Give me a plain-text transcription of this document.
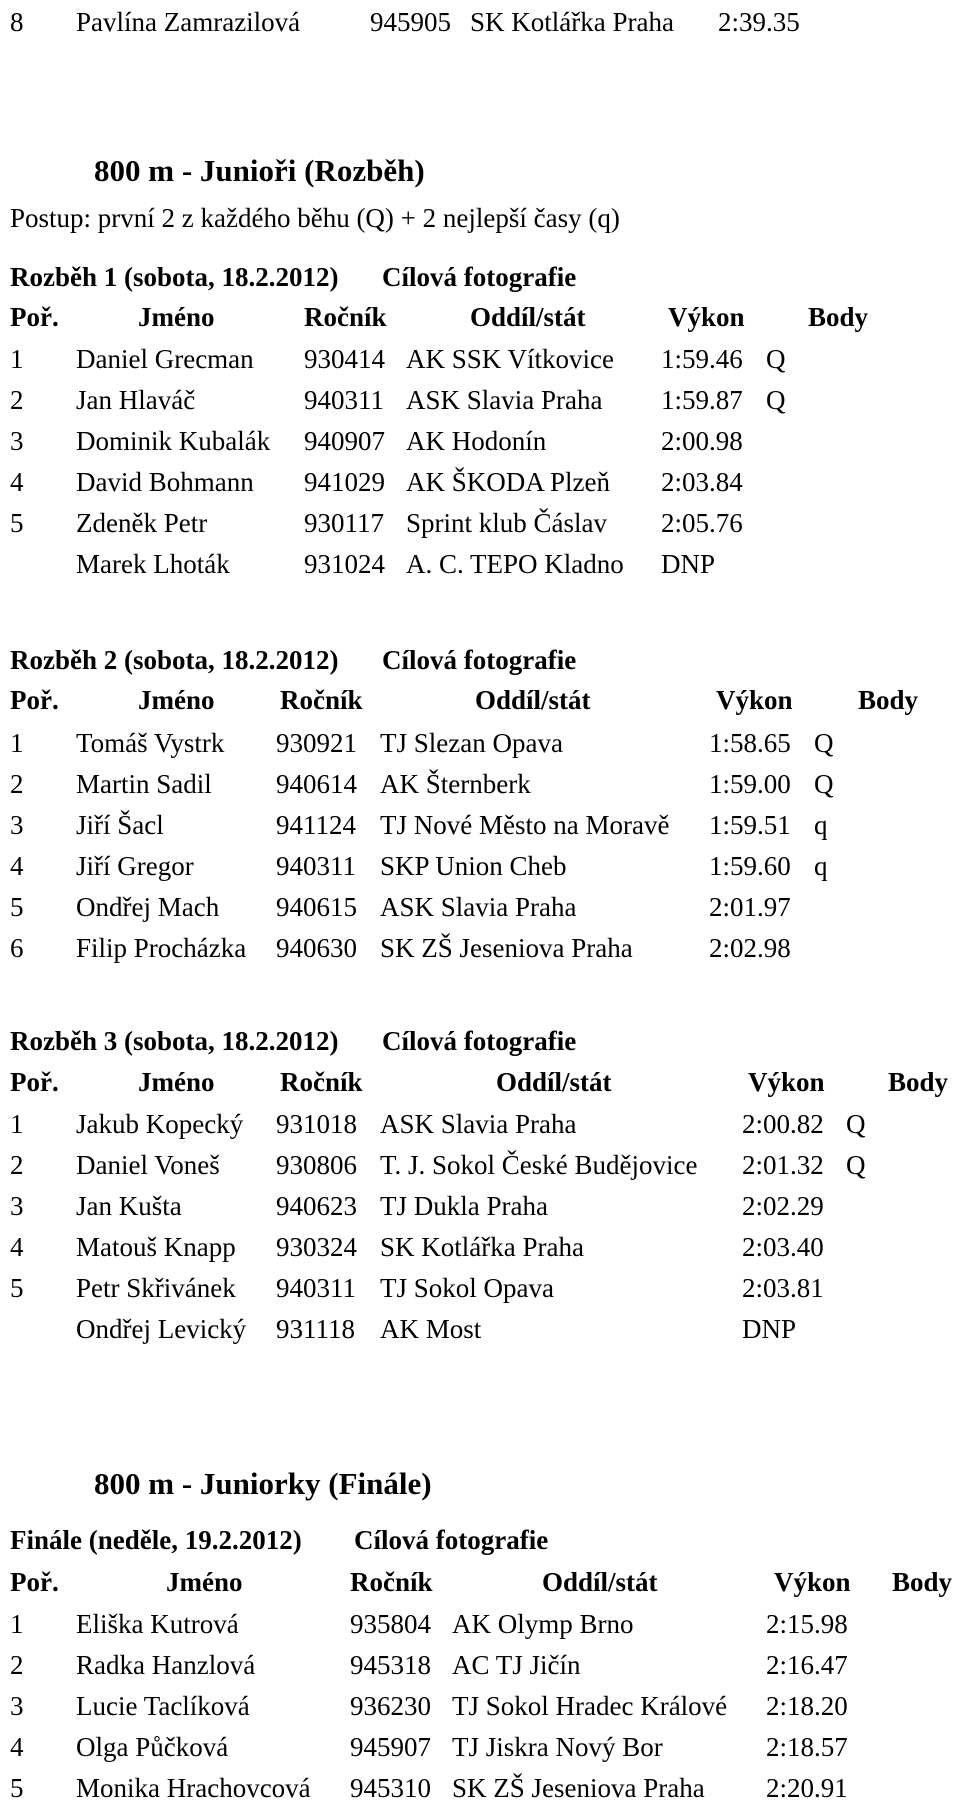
8 Pavlína Zamrazilová	945905 SK Kotlářka Praha 2:39.35
800 m - Junioři (Rozběh)
Postup: první 2 z každého běhu (Q) + 2 nejlepší časy (q)
Rozběh 1 (sobota, 18.2.2012) Cílová fotografie
Poř.	Jméno	Ročník	Oddíl/stát	Výkon Body
1 Daniel Grecman 930414 AK SSK Vítkovice 1:59.46 Q
2 Jan Hlaváč	940311 ASK Slavia Praha 1:59.87 Q
3 Dominik Kubalák 940907 AK Hodonín	2:00.98
4 David Bohmann 941029 AK ŠKODA Plzeň 2:03.84
5 Zdeněk Petr	930117 Sprint klub Čáslav 2:05.76
Marek Lhoták	931024 A. C. TEPO Kladno DNP
Rozběh 2 (sobota, 18.2.2012) Cílová fotografie
Poř.	Jméno Ročník	Oddíl/stát	Výkon Body
1 Tomáš Vystrk 930921 TJ Slezan Opava	1:58.65 Q
2 Martin Sadil 940614 AK Šternberk	1:59.00 Q
3 Jiří Šacl	941124 TJ Nové Město na Moravě 1:59.51 q
4 Jiří Gregor	940311 SKP Union Cheb	1:59.60 q
5 Ondřej Mach 940615 ASK Slavia Praha	2:01.97
6 Filip Procházka 940630 SK ZŠ Jeseniova Praha	2:02.98
Rozběh 3 (sobota, 18.2.2012) Cílová fotografie
Poř.	Jméno Ročník	Oddíl/stát	Výkon Body
1 Jakub Kopecký 931018 ASK Slavia Praha	2:00.82 Q
2 Daniel Voneš 930806 T. J. Sokol České Budějovice 2:01.32 Q
3 Jan Kušta	940623 TJ Dukla Praha	2:02.29
4 Matouš Knapp 930324 SK Kotlářka Praha	2:03.40
5 Petr Skřivánek 940311 TJ Sokol Opava	2:03.81
Ondřej Levický 931118 AK Most	DNP
800 m - Juniorky (Finále)
Finále (neděle, 19.2.2012) Cílová fotografie
Poř.	Jméno	Ročník	Oddíl/stát	Výkon Body
1 Eliška Kutrová	935804 AK Olymp Brno	2:15.98
2 Radka Hanzlová	945318 AC TJ Jičín	2:16.47
3 Lucie Taclíková	936230 TJ Sokol Hradec Králové 2:18.20
4 Olga Půčková	945907 TJ Jiskra Nový Bor	2:18.57
5 Monika Hrachovcová 945310 SK ZŠ Jeseniova Praha 2:20.91
